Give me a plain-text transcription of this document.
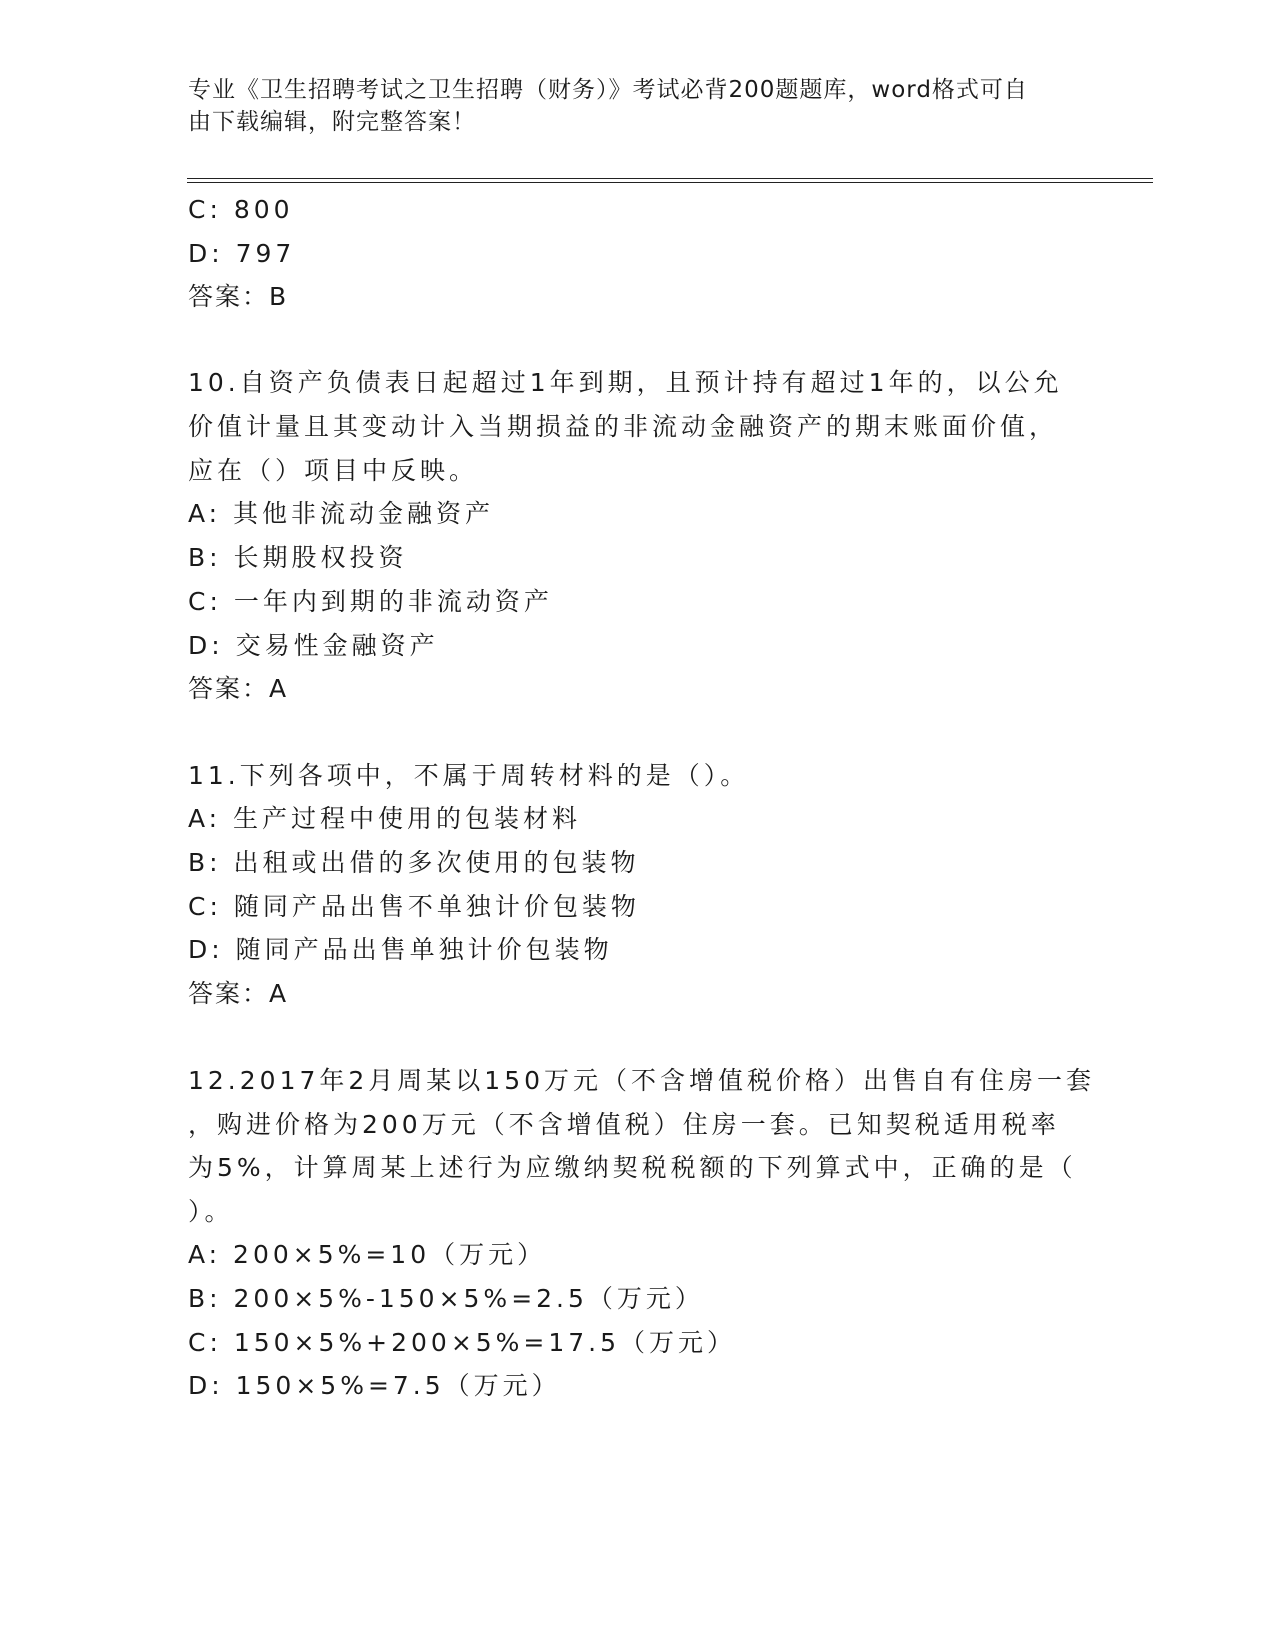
专业《卫生招聘考试之卫生招聘（财务）》考试必背200题题库，word格式可自
由下载编辑，附完整答案！
C: 800
D: 797
答案：B
10.自资产负债表日起超过1年到期，且预计持有超过1年的，以公允
价值计量且其变动计入当期损益的非流动金融资产的期末账面价值，
应在（）项目中反映。
A: 其他非流动金融资产
B: 长期股权投资
C: 一年内到期的非流动资产
D: 交易性金融资产
答案：A
11.下列各项中，不属于周转材料的是（）。
A: 生产过程中使用的包装材料
B: 出租或出借的多次使用的包装物
C: 随同产品出售不单独计价包装物
D: 随同产品出售单独计价包装物
答案：A
12.2017年2月周某以150万元（不含增值税价格）出售自有住房一套
，购进价格为200万元（不含增值税）住房一套。已知契税适用税率
为5%，计算周某上述行为应缴纳契税税额的下列算式中，正确的是（
）。
A: 200×5%=10（万元）
B: 200×5%-150×5%=2.5（万元）
C: 150×5%+200×5%=17.5（万元）
D: 150×5%=7.5（万元）
